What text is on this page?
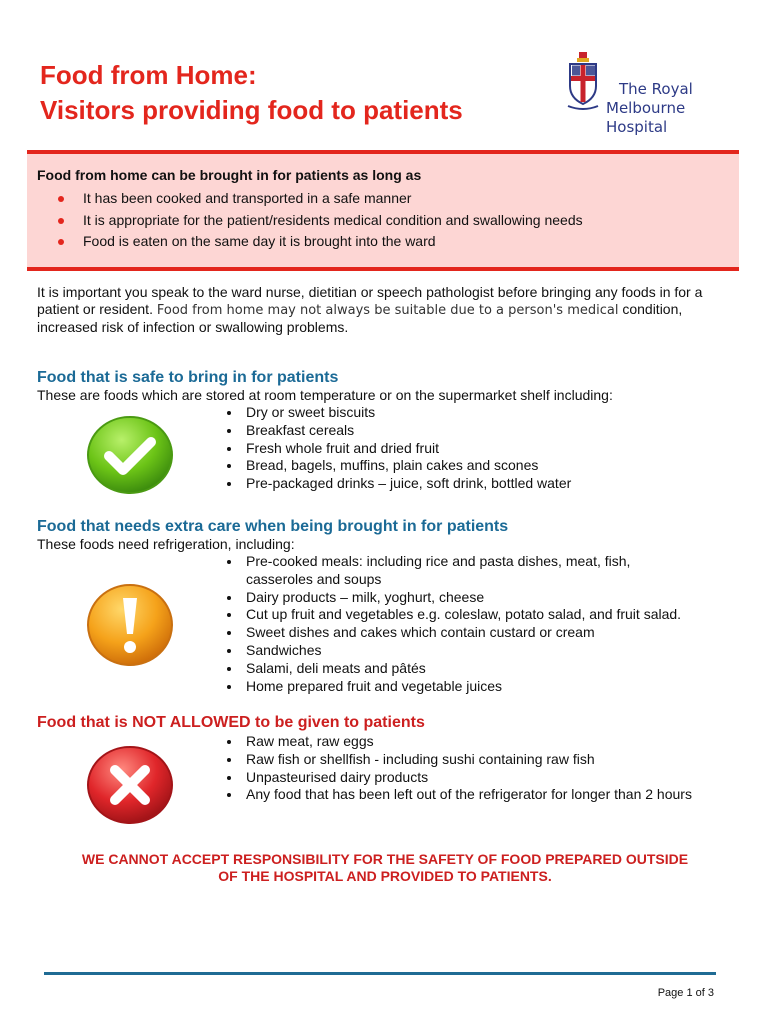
Food from Home:
Visitors providing food to patients
The Royal
Melbourne Hospital
Food from home can be brought in for patients as long as
It has been cooked and transported in a safe manner
It is appropriate for the patient/residents medical condition and swallowing needs
Food is eaten on the same day it is brought into the ward
It is important you speak to the ward nurse, dietitian or speech pathologist before bringing any foods in for a patient or resident. Food from home may not always be suitable due to a person's medical condition, increased risk of infection or swallowing problems.
Food that is safe to bring in for patients
These are foods which are stored at room temperature or on the supermarket shelf including:
Dry or sweet biscuits
Breakfast cereals
Fresh whole fruit and dried fruit
Bread, bagels, muffins, plain cakes and scones
Pre-packaged drinks – juice, soft drink, bottled water
Food that needs extra care when being brought in for patients
These foods need refrigeration, including:
Pre-cooked meals: including rice and pasta dishes, meat, fish, casseroles and soups
Dairy products – milk, yoghurt, cheese
Cut up fruit and vegetables e.g. coleslaw, potato salad, and fruit salad.
Sweet dishes and cakes which contain custard or cream
Sandwiches
Salami, deli meats and pâtés
Home prepared fruit and vegetable juices
Food that is NOT ALLOWED to be given to patients
Raw meat, raw eggs
Raw fish or shellfish - including sushi containing raw fish
Unpasteurised dairy products
Any food that has been left out of the refrigerator for longer than 2 hours
WE CANNOT ACCEPT RESPONSIBILITY FOR THE SAFETY OF FOOD PREPARED OUTSIDE
OF THE HOSPITAL AND PROVIDED TO PATIENTS.
Page 1 of 3
